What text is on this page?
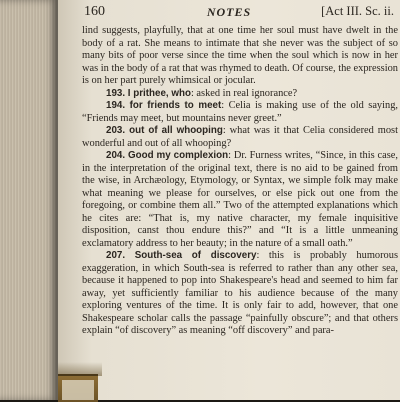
160	NOTES	[Act III. Sc. ii.

lind suggests, playfully, that at one time her soul must have dwelt in the body of a rat. She means to intimate that she never was the subject of so many bits of poor verse since the time when the soul which is now in her was in the body of a rat that was rhymed to death. Of course, the expression is on her part purely whimsical or jocular.

193. I prithee, who: asked in real ignorance?

194. for friends to meet: Celia is making use of the old saying, “Friends may meet, but mountains never greet.”

203. out of all whooping: what was it that Celia considered most wonderful and out of all whooping?

204. Good my complexion: Dr. Furness writes, “Since, in this case, in the interpretation of the original text, there is no aid to be gained from the wise, in Archæology, Etymology, or Syntax, we simple folk may make what meaning we please for ourselves, or else pick out one from the foregoing, or combine them all.” Two of the attempted explanations which he cites are: “That is, my native character, my female inquisitive disposition, canst thou endure this?” and “It is a little unmeaning exclamatory address to her beauty; in the nature of a small oath.”

207. South-sea of discovery: this is probably humorous exaggeration, in which South-sea is referred to rather than any other sea, because it happened to pop into Shakespeare's head and seemed to him far away, yet sufficiently familiar to his audience because of the many exploring ventures of the time. It is only fair to add, however, that one Shakespeare scholar calls the passage “painfully obscure”; and that others explain “of discovery” as meaning “off discovery” and para-
